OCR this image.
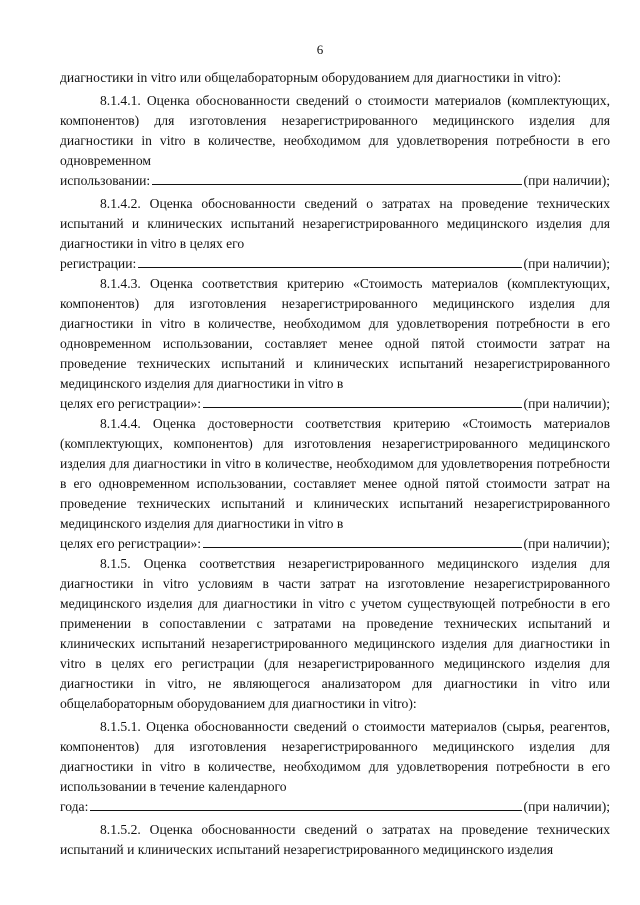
6

диагностики in vitro или общелабораторным оборудованием для диагностики in vitro):

8.1.4.1. Оценка обоснованности сведений о стоимости материалов (комплектующих, компонентов) для изготовления незарегистрированного медицинского изделия для диагностики in vitro в количестве, необходимом для удовлетворения потребности в его одновременном

использовании:	(при наличии);

8.1.4.2. Оценка обоснованности сведений о затратах на проведение технических испытаний и клинических испытаний незарегистрированного медицинского изделия для диагностики in vitro в целях его

регистрации:	(при наличии);

8.1.4.3. Оценка соответствия критерию «Стоимость материалов (комплектующих, компонентов) для изготовления незарегистрированного медицинского изделия для диагностики in vitro в количестве, необходимом для удовлетворения потребности в его одновременном использовании, составляет менее одной пятой стоимости затрат на проведение технических испытаний и клинических испытаний незарегистрированного медицинского изделия для диагностики in vitro в

целях его регистрации»:	(при наличии);

8.1.4.4. Оценка достоверности соответствия критерию «Стоимость материалов (комплектующих, компонентов) для изготовления незарегистрированного медицинского изделия для диагностики in vitro в количестве, необходимом для удовлетворения потребности в его одновременном использовании, составляет менее одной пятой стоимости затрат на проведение технических испытаний и клинических испытаний незарегистрированного медицинского изделия для диагностики in vitro в

целях его регистрации»:	(при наличии);

8.1.5. Оценка соответствия незарегистрированного медицинского изделия для диагностики in vitro условиям в части затрат на изготовление незарегистрированного медицинского изделия для диагностики in vitro с учетом существующей потребности в его применении в сопоставлении с затратами на проведение технических испытаний и клинических испытаний незарегистрированного медицинского изделия для диагностики in vitro в целях его регистрации (для незарегистрированного медицинского изделия для диагностики in vitro, не являющегося анализатором для диагностики in vitro или общелабораторным оборудованием для диагностики in vitro):

8.1.5.1. Оценка обоснованности сведений о стоимости материалов (сырья, реагентов, компонентов) для изготовления незарегистрированного медицинского изделия для диагностики in vitro в количестве, необходимом для удовлетворения потребности в его использовании в течение календарного

года:	(при наличии);

8.1.5.2. Оценка обоснованности сведений о затратах на проведение технических испытаний и клинических испытаний незарегистрированного медицинского изделия
